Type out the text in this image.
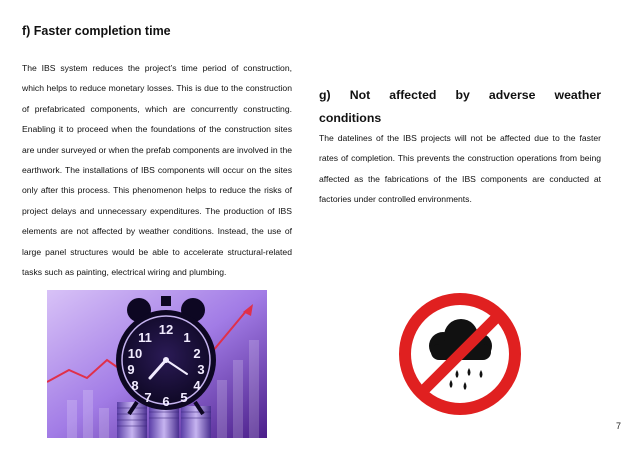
f) Faster completion time

The IBS system reduces the project’s time period of construction, which helps to reduce monetary losses. This is due to the construction of prefabricated components, which are concurrently constructing. Enabling it to proceed when the foundations of the construction sites are under surveyed or when the prefab components are involved in the earthwork. The installations of IBS components will occur on the sites only after this process. This phenomenon helps to reduce the risks of project delays and unnecessary expenditures. The production of IBS elements are not affected by weather conditions. Instead, the use of large panel structures would be able to accelerate structural-related tasks such as painting, electrical wiring and plumbing.

g) Not affected by adverse weather
conditions

The datelines of the IBS projects will not be affected due to the faster rates of completion. This prevents the construction operations from being affected as the fabrications of the IBS components are conducted at factories under controlled environments.

11
12
1
10	2
9	3
8	4
7 6 5
7
